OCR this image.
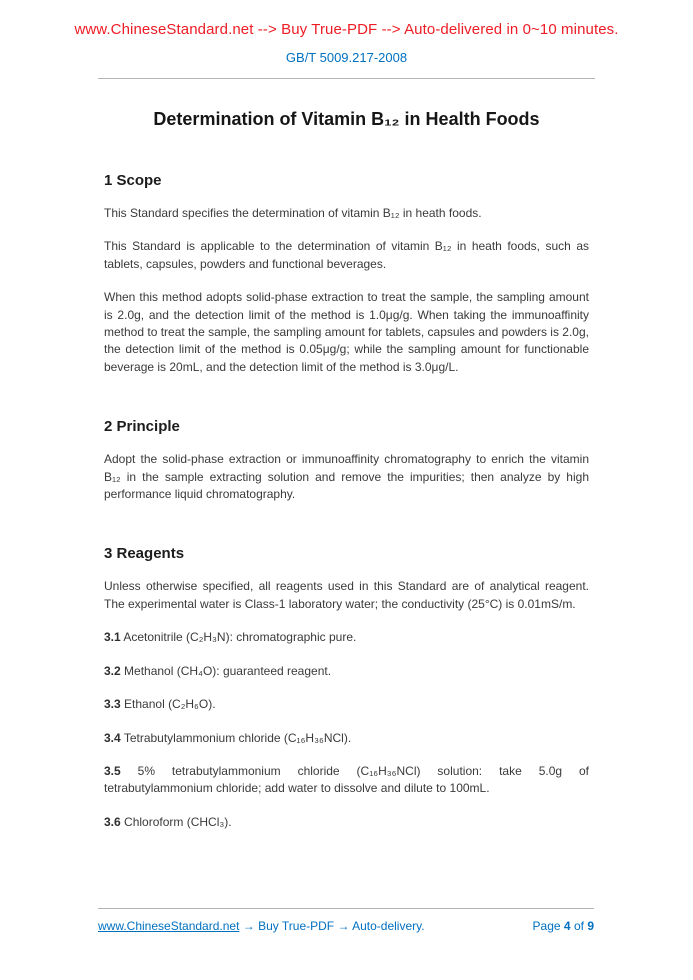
www.ChineseStandard.net --> Buy True-PDF --> Auto-delivered in 0~10 minutes.
GB/T 5009.217-2008
Determination of Vitamin B₁₂ in Health Foods
1 Scope

This Standard specifies the determination of vitamin B₁₂ in heath foods.

This Standard is applicable to the determination of vitamin B₁₂ in heath foods, such as tablets, capsules, powders and functional beverages.

When this method adopts solid-phase extraction to treat the sample, the sampling amount is 2.0g, and the detection limit of the method is 1.0μg/g. When taking the immunoaffinity method to treat the sample, the sampling amount for tablets, capsules and powders is 2.0g, the detection limit of the method is 0.05μg/g; while the sampling amount for functionable beverage is 20mL, and the detection limit of the method is 3.0μg/L.

2 Principle

Adopt the solid-phase extraction or immunoaffinity chromatography to enrich the vitamin B₁₂ in the sample extracting solution and remove the impurities; then analyze by high performance liquid chromatography.

3 Reagents

Unless otherwise specified, all reagents used in this Standard are of analytical reagent. The experimental water is Class-1 laboratory water; the conductivity (25°C) is 0.01mS/m.

3.1 Acetonitrile (C₂H₃N): chromatographic pure.

3.2 Methanol (CH₄O): guaranteed reagent.

3.3 Ethanol (C₂H₆O).

3.4 Tetrabutylammonium chloride (C₁₆H₃₆NCl).

3.5 5% tetrabutylammonium chloride (C₁₆H₃₆NCl) solution: take 5.0g of tetrabutylammonium chloride; add water to dissolve and dilute to 100mL.

3.6 Chloroform (CHCl₃).

www.ChineseStandard.net → Buy True-PDF → Auto-delivery.	Page 4 of 9
